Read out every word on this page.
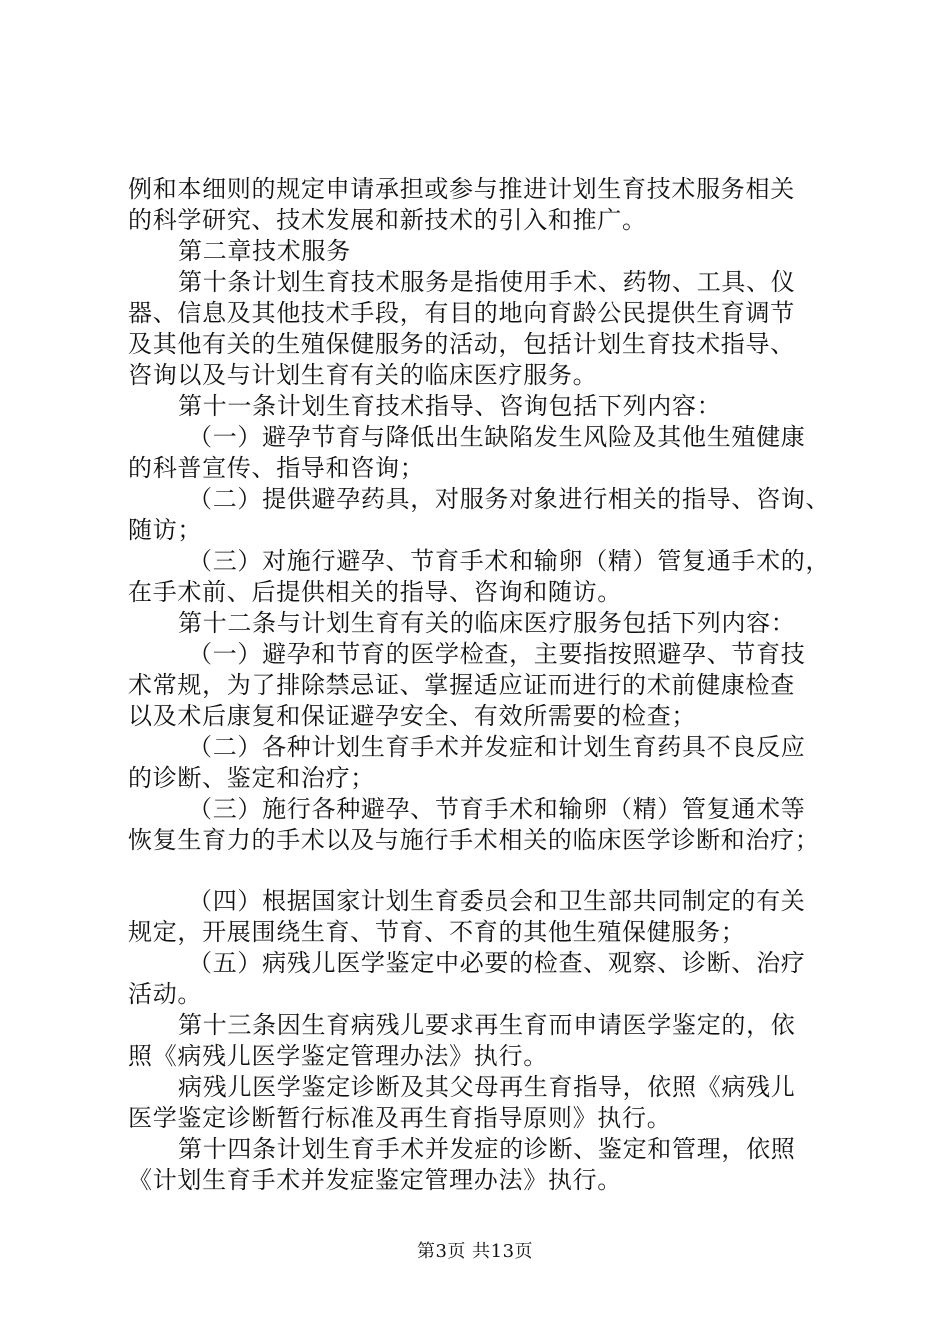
例和本细则的规定申请承担或参与推进计划生育技术服务相关
的科学研究、技术发展和新技术的引入和推广。
第二章技术服务
第十条计划生育技术服务是指使用手术、药物、工具、仪
器、信息及其他技术手段，有目的地向育龄公民提供生育调节
及其他有关的生殖保健服务的活动，包括计划生育技术指导、
咨询以及与计划生育有关的临床医疗服务。
第十一条计划生育技术指导、咨询包括下列内容：
（一）避孕节育与降低出生缺陷发生风险及其他生殖健康
的科普宣传、指导和咨询；
（二）提供避孕药具，对服务对象进行相关的指导、咨询、
随访；
（三）对施行避孕、节育手术和输卵（精）管复通手术的，
在手术前、后提供相关的指导、咨询和随访。
第十二条与计划生育有关的临床医疗服务包括下列内容：
（一）避孕和节育的医学检查，主要指按照避孕、节育技
术常规，为了排除禁忌证、掌握适应证而进行的术前健康检查
以及术后康复和保证避孕安全、有效所需要的检查；
（二）各种计划生育手术并发症和计划生育药具不良反应
的诊断、鉴定和治疗；
（三）施行各种避孕、节育手术和输卵（精）管复通术等
恢复生育力的手术以及与施行手术相关的临床医学诊断和治疗；
（四）根据国家计划生育委员会和卫生部共同制定的有关
规定，开展围绕生育、节育、不育的其他生殖保健服务；
（五）病残儿医学鉴定中必要的检查、观察、诊断、治疗
活动。
第十三条因生育病残儿要求再生育而申请医学鉴定的，依
照《病残儿医学鉴定管理办法》执行。
病残儿医学鉴定诊断及其父母再生育指导，依照《病残儿
医学鉴定诊断暂行标准及再生育指导原则》执行。
第十四条计划生育手术并发症的诊断、鉴定和管理，依照
《计划生育手术并发症鉴定管理办法》执行。
第3页 共13页
